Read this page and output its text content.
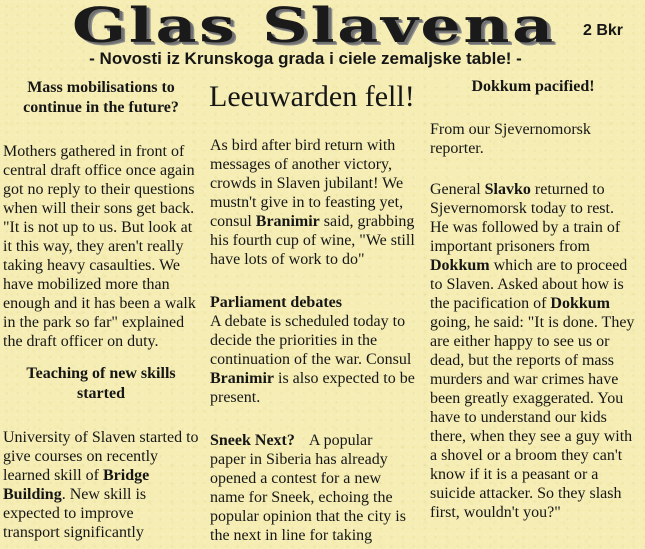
Glas Slavena 2 Bkr
- Novosti iz Krunskoga grada i ciele zemaljske table! -
Mass mobilisations to
continue in the future?
Mothers gathered in front of
central draft office once again
got no reply to their questions
when will their sons get back.
"It is not up to us. But look at
it this way, they aren't really
taking heavy casaulties. We
have mobilized more than
enough and it has been a walk
in the park so far" explained
the draft officer on duty.
Teaching of new skills
started
University of Slaven started to
give courses on recently
learned skill of Bridge
Building. New skill is
expected to improve
transport significantly
Leeuwarden fell!
As bird after bird return with
messages of another victory,
crowds in Slaven jubilant! We
mustn't give in to feasting yet,
consul Branimir said, grabbing
his fourth cup of wine, "We still
have lots of work to do"
Parliament debates
A debate is scheduled today to
decide the priorities in the
continuation of the war. Consul
Branimir is also expected to be
present.
Sneek Next? A popular
paper in Siberia has already
opened a contest for a new
name for Sneek, echoing the
popular opinion that the city is
the next in line for taking
Dokkum pacified!
From our Sjevernomorsk
reporter.
General Slavko returned to
Sjevernomorsk today to rest.
He was followed by a train of
important prisoners from
Dokkum which are to proceed
to Slaven. Asked about how is
the pacification of Dokkum
going, he said: "It is done. They
are either happy to see us or
dead, but the reports of mass
murders and war crimes have
been greatly exaggerated. You
have to understand our kids
there, when they see a guy with
a shovel or a broom they can't
know if it is a peasant or a
suicide attacker. So they slash
first, wouldn't you?"
